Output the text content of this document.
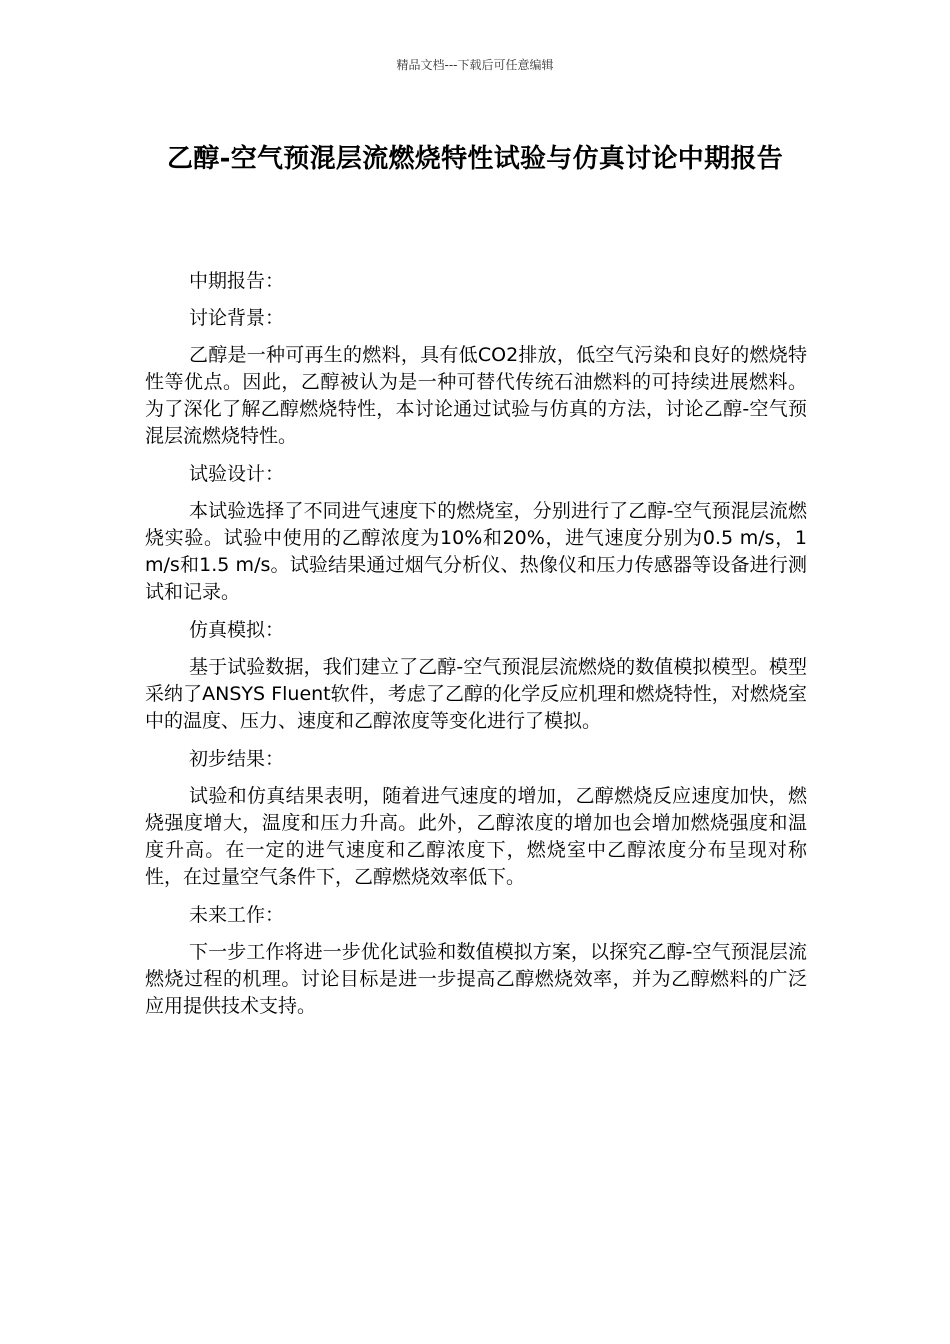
精品文档---下载后可任意编辑
乙醇-空气预混层流燃烧特性试验与仿真讨论中期报告

中期报告：

讨论背景：

乙醇是一种可再生的燃料，具有低CO2排放，低空气污染和良好的燃烧特性等优点。因此，乙醇被认为是一种可替代传统石油燃料的可持续进展燃料。为了深化了解乙醇燃烧特性，本讨论通过试验与仿真的方法，讨论乙醇-空气预混层流燃烧特性。

试验设计：

本试验选择了不同进气速度下的燃烧室，分别进行了乙醇-空气预混层流燃烧实验。试验中使用的乙醇浓度为10%和20%，进气速度分别为0.5 m/s，1 m/s和1.5 m/s。试验结果通过烟气分析仪、热像仪和压力传感器等设备进行测试和记录。

仿真模拟：

基于试验数据，我们建立了乙醇-空气预混层流燃烧的数值模拟模型。模型采纳了ANSYS Fluent软件，考虑了乙醇的化学反应机理和燃烧特性，对燃烧室中的温度、压力、速度和乙醇浓度等变化进行了模拟。

初步结果：

试验和仿真结果表明，随着进气速度的增加，乙醇燃烧反应速度加快，燃烧强度增大，温度和压力升高。此外，乙醇浓度的增加也会增加燃烧强度和温度升高。在一定的进气速度和乙醇浓度下，燃烧室中乙醇浓度分布呈现对称性，在过量空气条件下，乙醇燃烧效率低下。

未来工作：

下一步工作将进一步优化试验和数值模拟方案，以探究乙醇-空气预混层流燃烧过程的机理。讨论目标是进一步提高乙醇燃烧效率，并为乙醇燃料的广泛应用提供技术支持。
